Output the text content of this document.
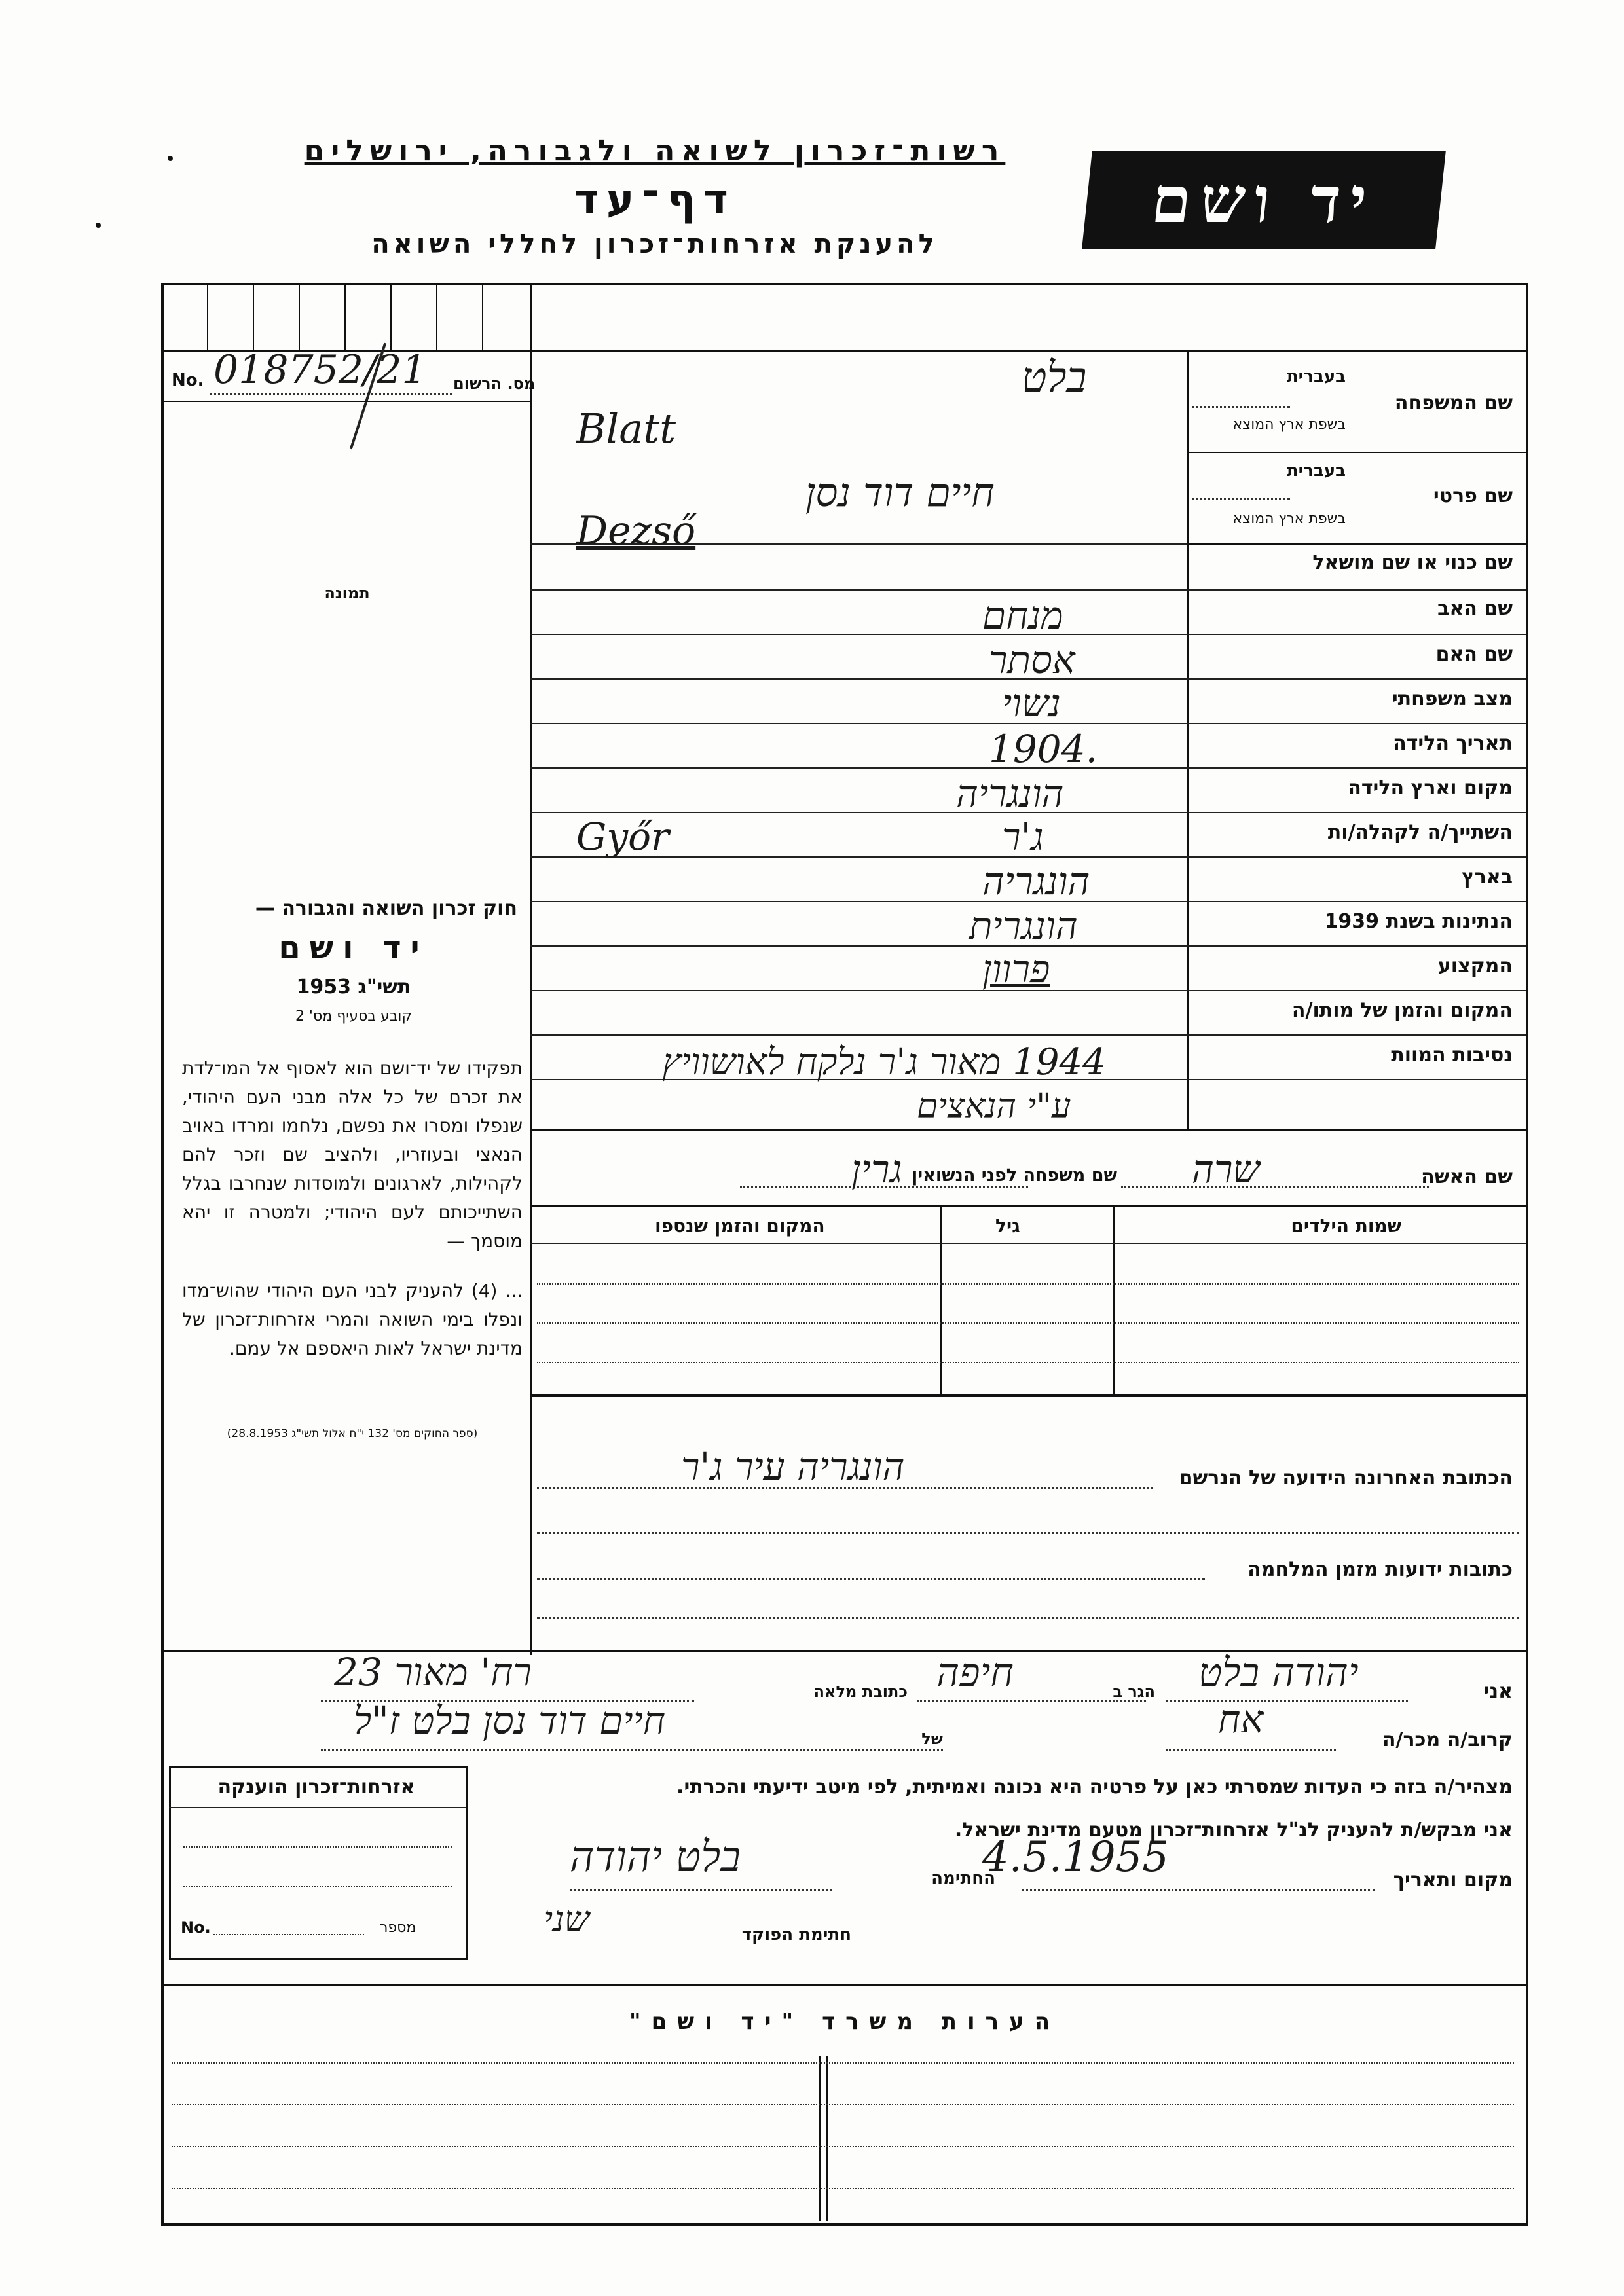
רשות־זכרון לשואה ולגבורה, ירושלים
דף־עד
להענקת אזרחות־זכרון לחללי השואה
יד ושם
No. 018752/21 מס. הרשום
תמונה
חוק זכרון השואה והגבורה —
יד ושם
תשי"ג 1953
קובע בסעיף מס' 2
תפקידו של יד־ושם הוא לאסוף אל המו־לדת את זכרם של כל אלה מבני העם היהודי, שנפלו ומסרו את נפשם, נלחמו ומרדו באויב הנאצי ובעוזריו, ולהציב שם וזכר להם לקהילות, לארגונים ולמוסדות שנחרבו בגלל השתייכותם לעם היהודי; ולמטרה זו יהא מוסמך —
... (4) להעניק לבני העם היהודי שהוש־מדו ונפלו בימי השואה והמרי אזרחות־זכרון של מדינת ישראל לאות היאספם אל עמם.
(ספר החוקים מס' 132 י"ח אלול תשי"ג 28.8.1953)
שם המשפחה
בעברית
בשפת ארץ המוצא
בלט
Blatt
שם פרטי
בעברית
בשפת ארץ המוצא
חיים דוד נסן
Dezső
שם כנוי או שם מושאל
שם האב
מנחם
שם האם
אסתר
מצב משפחתי
נשוי
תאריך הלידה
1904.
מקום וארץ הלידה
הונגריה
השתייך/ה לקהלה/ות
ג'ר
Győr
בארץ
הונגריה
הנתינות בשנת 1939
הונגרית
המקצוע
פרוון
המקום והזמן של מותו/ה
1944 מאור ג'ר נלקח לאושוויץ	נסיבות המוות
ע"י הנאצים
שם האשה
שרה
שם משפחה לפני הנשואין
גרין
שמות הילדים
גיל
המקום והזמן שנספו
הכתובת האחרונה הידועה של הנרשם
הונגריה עיר ג'ר
כתובות ידועות מזמן המלחמה
אני
יהודה בלט
הגר ב
חיפה
כתובת מלאה
רח' מאור 23
קרוב/ה מכר/ה
אח
של
חיים דוד נסן בלט ז"ל
מצהיר/ה בזה כי העדות שמסרתי כאן על פרטיה היא נכונה ואמיתית, לפי מיטב ידיעתי והכרתי.
אני מבקש/ת להעניק לנ"ל אזרחות־זכרון מטעם מדינת ישראל.
מקום ותאריך
4.5.1955
החתימה
בלט יהודה
חתימת הפוקד
שני
אזרחות־זכרון הוענקה
No.	מספר
הערות משרד "יד ושם"
